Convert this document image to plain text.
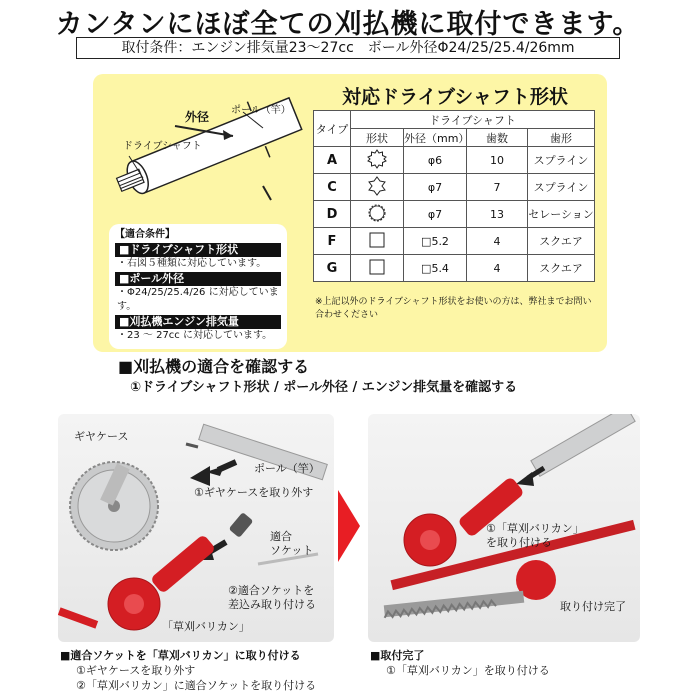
カンタンにほぼ全ての刈払機に取付できます。
取付条件：エンジン排気量23～27cc　ボール外径Φ24/25/25.4/26mm
外径 ポール（竿）
ドライブシャフト
【適合条件】
■ドライブシャフト形状
・右図５種類に対応しています。
■ポール外径
・Φ24/25/25.4/26 に対応しています。
■刈払機エンジン排気量
・23 ～ 27cc に対応しています。
対応ドライブシャフト形状
タイプ	ドライブシャフト			
	形状	外径（mm）	歯数	歯形
A		φ6	10	スプライン
C		φ7	7	スプライン
D		φ7	13	セレーション
F		□5.2	4	スクエア
G		□5.4	4	スクエア
※上記以外のドライブシャフト形状をお使いの方は、弊社までお問い合わせください
■刈払機の適合を確認する
①ドライブシャフト形状 / ポール外径 / エンジン排気量を確認する
ギヤケース
ポール（竿）
①ギヤケースを取り外す
適合
ソケット
②適合ソケットを
差込み取り付ける
「草刈バリカン」
①「草刈バリカン」
を取り付ける
取り付け完了
■適合ソケットを「草刈バリカン」に取り付ける
①ギヤケースを取り外す
②「草刈バリカン」に適合ソケットを取り付ける
■取付完了
①「草刈バリカン」を取り付ける
